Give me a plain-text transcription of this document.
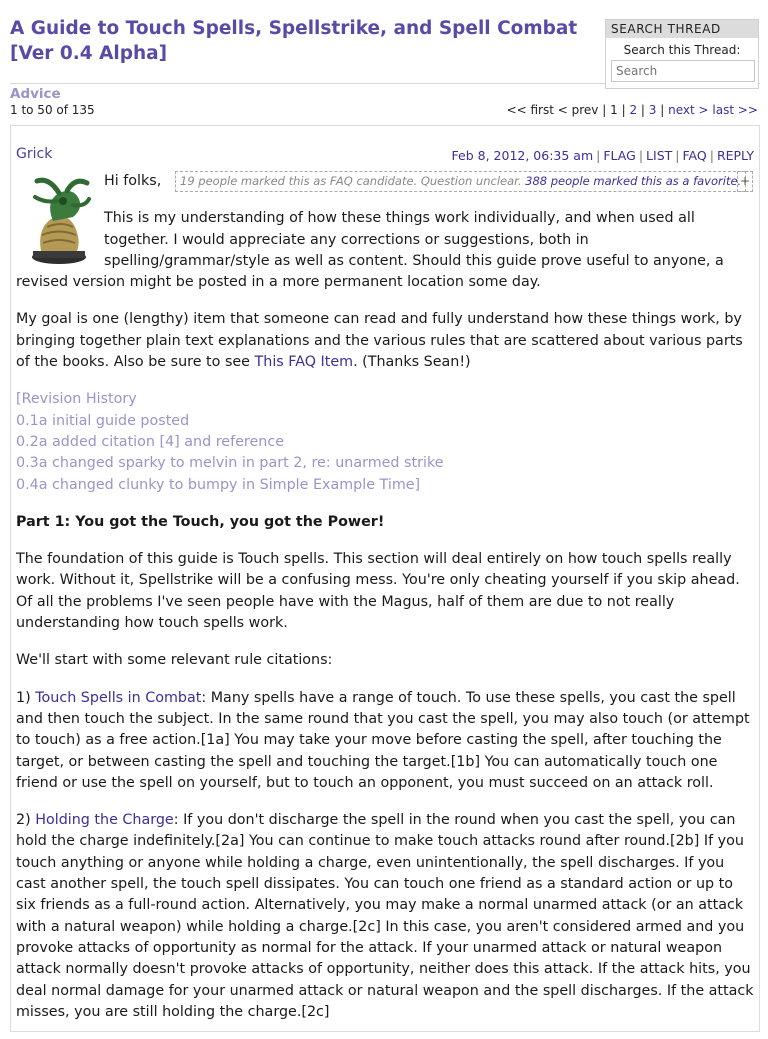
A Guide to Touch Spells, Spellstrike, and Spell Combat [Ver 0.4 Alpha]
SEARCH THREAD
Search this Thread:
Search
Advice
1 to 50 of 135	<< first < prev | 1 | 2 | 3 | next > last >>
Grick	Feb 8, 2012, 06:35 am | FLAG | LIST | FAQ | REPLY
19 people marked this as FAQ candidate. Question unclear. 388 people marked this as a favorite.
+

Hi folks,

This is my understanding of how these things work individually, and when used all together. I would appreciate any corrections or suggestions, both in spelling/grammar/style as well as content. Should this guide prove useful to anyone, a revised version might be posted in a more permanent location some day.

My goal is one (lengthy) item that someone can read and fully understand how these things work, by bringing together plain text explanations and the various rules that are scattered about various parts of the books. Also be sure to see This FAQ Item. (Thanks Sean!)

[Revision History
0.1a initial guide posted
0.2a added citation [4] and reference
0.3a changed sparky to melvin in part 2, re: unarmed strike
0.4a changed clunky to bumpy in Simple Example Time]

Part 1: You got the Touch, you got the Power!

The foundation of this guide is Touch spells. This section will deal entirely on how touch spells really work. Without it, Spellstrike will be a confusing mess. You're only cheating yourself if you skip ahead. Of all the problems I've seen people have with the Magus, half of them are due to not really understanding how touch spells work.

We'll start with some relevant rule citations:

1) Touch Spells in Combat: Many spells have a range of touch. To use these spells, you cast the spell and then touch the subject. In the same round that you cast the spell, you may also touch (or attempt to touch) as a free action.[1a] You may take your move before casting the spell, after touching the target, or between casting the spell and touching the target.[1b] You can automatically touch one friend or use the spell on yourself, but to touch an opponent, you must succeed on an attack roll.

2) Holding the Charge: If you don't discharge the spell in the round when you cast the spell, you can hold the charge indefinitely.[2a] You can continue to make touch attacks round after round.[2b] If you touch anything or anyone while holding a charge, even unintentionally, the spell discharges. If you cast another spell, the touch spell dissipates. You can touch one friend as a standard action or up to six friends as a full-round action. Alternatively, you may make a normal unarmed attack (or an attack with a natural weapon) while holding a charge.[2c] In this case, you aren't considered armed and you provoke attacks of opportunity as normal for the attack. If your unarmed attack or natural weapon attack normally doesn't provoke attacks of opportunity, neither does this attack. If the attack hits, you deal normal damage for your unarmed attack or natural weapon and the spell discharges. If the attack misses, you are still holding the charge.[2c]
